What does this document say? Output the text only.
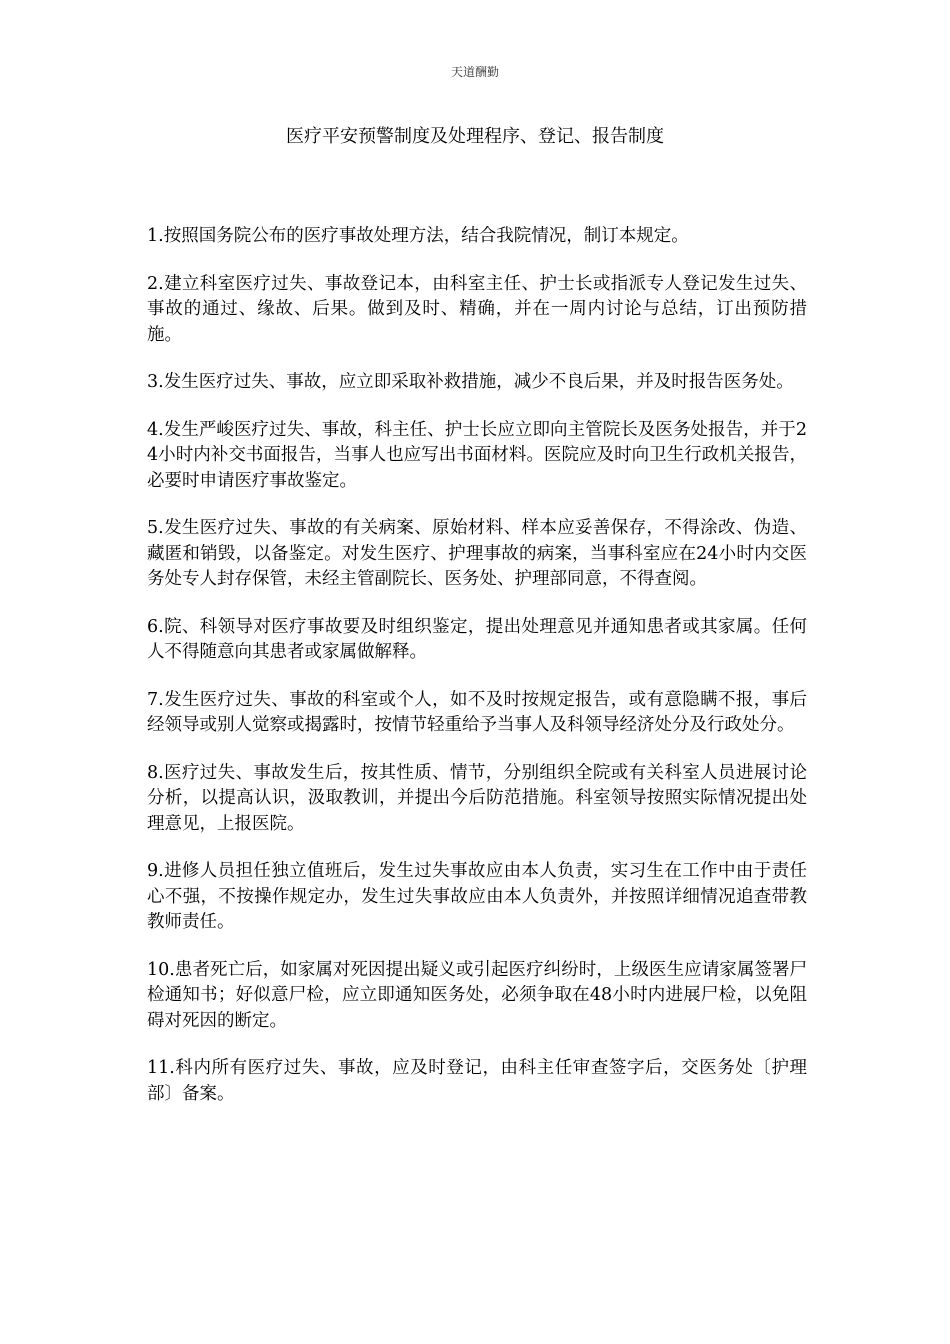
天道酬勤
医疗平安预警制度及处理程序、登记、报告制度

1.按照国务院公布的医疗事故处理方法，结合我院情况，制订本规定。

2.建立科室医疗过失、事故登记本，由科室主任、护士长或指派专人登记发生过失、事故的通过、缘故、后果。做到及时、精确，并在一周内讨论与总结，订出预防措施。

3.发生医疗过失、事故，应立即采取补救措施，减少不良后果，并及时报告医务处。

4.发生严峻医疗过失、事故，科主任、护士长应立即向主管院长及医务处报告，并于24小时内补交书面报告，当事人也应写出书面材料。医院应及时向卫生行政机关报告，必要时申请医疗事故鉴定。

5.发生医疗过失、事故的有关病案、原始材料、样本应妥善保存，不得涂改、伪造、藏匿和销毁，以备鉴定。对发生医疗、护理事故的病案，当事科室应在24小时内交医务处专人封存保管，未经主管副院长、医务处、护理部同意，不得查阅。

6.院、科领导对医疗事故要及时组织鉴定，提出处理意见并通知患者或其家属。任何人不得随意向其患者或家属做解释。

7.发生医疗过失、事故的科室或个人，如不及时按规定报告，或有意隐瞒不报，事后经领导或别人觉察或揭露时，按情节轻重给予当事人及科领导经济处分及行政处分。

8.医疗过失、事故发生后，按其性质、情节，分别组织全院或有关科室人员进展讨论分析，以提高认识，汲取教训，并提出今后防范措施。科室领导按照实际情况提出处理意见，上报医院。

9.进修人员担任独立值班后，发生过失事故应由本人负责，实习生在工作中由于责任心不强，不按操作规定办，发生过失事故应由本人负责外，并按照详细情况追查带教教师责任。

10.患者死亡后，如家属对死因提出疑义或引起医疗纠纷时，上级医生应请家属签署尸检通知书；好似意尸检，应立即通知医务处，必须争取在48小时内进展尸检，以免阻碍对死因的断定。

11.科内所有医疗过失、事故，应及时登记，由科主任审查签字后，交医务处〔护理部〕备案。
